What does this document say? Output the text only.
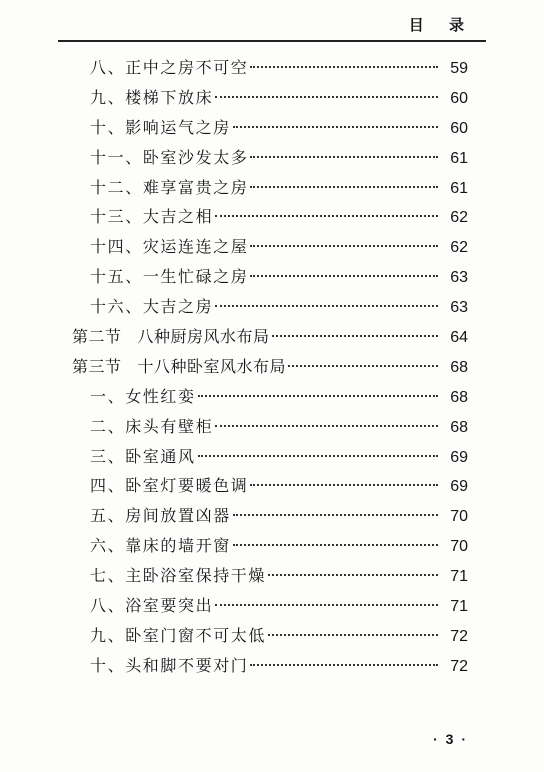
目 录
八、 正中之房不可空	59
九、 楼梯下放床	60
十、 影响运气之房	60
十一、 卧室沙发太多	61
十二、 难享富贵之房	61
十三、 大吉之相	62
十四、 灾运连连之屋	62
十五、 一生忙碌之房	63
十六、 大吉之房	63
第二节 八种厨房风水布局	64
第三节 十八种卧室风水布局	68
一、 女性红娈	68
二、 床头有壁柜	68
三、 卧室通风	69
四、 卧室灯要暖色调	69
五、 房间放置凶器	70
六、 靠床的墙开窗	70
七、 主卧浴室保持干燥	71
八、 浴室要突出	71
九、 卧室门窗不可太低	72
十、 头和脚不要对门	72
· 3 ·
